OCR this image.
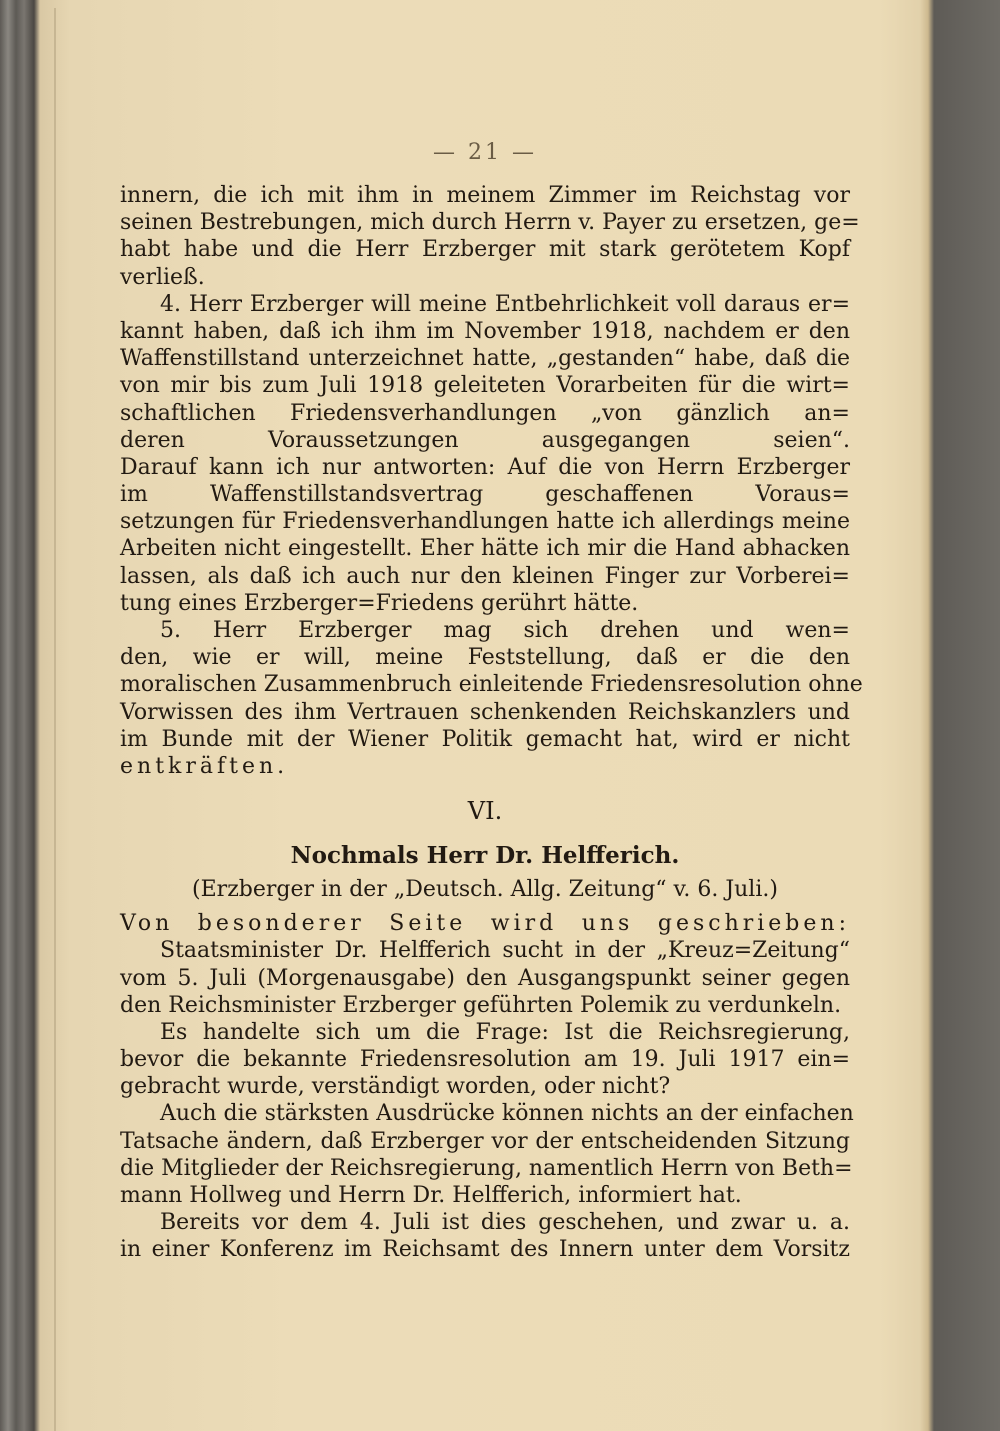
— 21 —
innern, die ich mit ihm in meinem Zimmer im Reichstag vor
seinen Bestrebungen, mich durch Herrn v. Payer zu ersetzen, ge=
habt habe und die Herr Erzberger mit stark gerötetem Kopf
verließ.
4. Herr Erzberger will meine Entbehrlichkeit voll daraus er=
kannt haben, daß ich ihm im November 1918, nachdem er den
Waffenstillstand unterzeichnet hatte, „gestanden“ habe, daß die
von mir bis zum Juli 1918 geleiteten Vorarbeiten für die wirt=
schaftlichen Friedensverhandlungen „von gänzlich an=
deren Voraussetzungen ausgegangen seien“.
Darauf kann ich nur antworten: Auf die von Herrn Erzberger
im Waffenstillstandsvertrag geschaffenen Voraus=
setzungen für Friedensverhandlungen hatte ich allerdings meine
Arbeiten nicht eingestellt. Eher hätte ich mir die Hand abhacken
lassen, als daß ich auch nur den kleinen Finger zur Vorberei=
tung eines Erzberger=Friedens gerührt hätte.
5. Herr Erzberger mag sich drehen und wen=
den, wie er will, meine Feststellung, daß er die den
moralischen Zusammenbruch einleitende Friedensresolution ohne
Vorwissen des ihm Vertrauen schenkenden Reichskanzlers und
im Bunde mit der Wiener Politik gemacht hat, wird er nicht
entkräften.
VI.
Nochmals Herr Dr. Helfferich.
(Erzberger in der „Deutsch. Allg. Zeitung“ v. 6. Juli.)
Von besonderer Seite wird uns geschrieben:
Staatsminister Dr. Helfferich sucht in der „Kreuz=Zeitung“
vom 5. Juli (Morgenausgabe) den Ausgangspunkt seiner gegen
den Reichsminister Erzberger geführten Polemik zu verdunkeln.
Es handelte sich um die Frage: Ist die Reichsregierung,
bevor die bekannte Friedensresolution am 19. Juli 1917 ein=
gebracht wurde, verständigt worden, oder nicht?
Auch die stärksten Ausdrücke können nichts an der einfachen
Tatsache ändern, daß Erzberger vor der entscheidenden Sitzung
die Mitglieder der Reichsregierung, namentlich Herrn von Beth=
mann Hollweg und Herrn Dr. Helfferich, informiert hat.
Bereits vor dem 4. Juli ist dies geschehen, und zwar u. a.
in einer Konferenz im Reichsamt des Innern unter dem Vorsitz
